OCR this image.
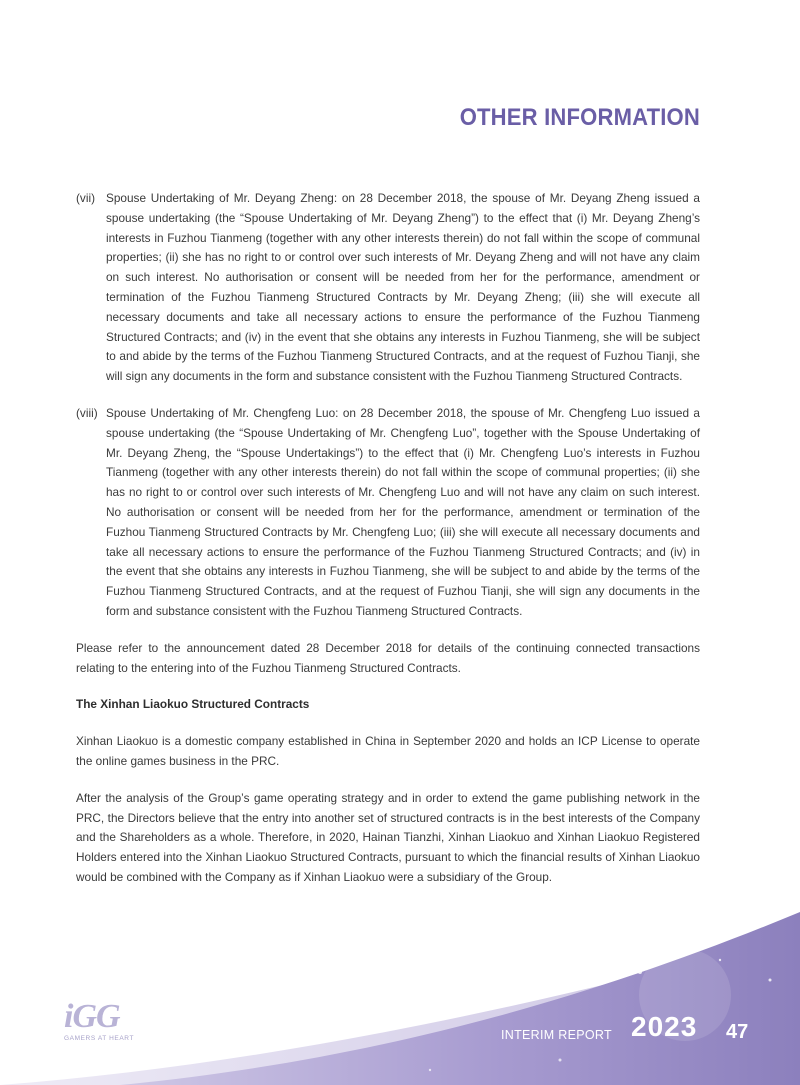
OTHER INFORMATION
(vii) Spouse Undertaking of Mr. Deyang Zheng: on 28 December 2018, the spouse of Mr. Deyang Zheng issued a spouse undertaking (the “Spouse Undertaking of Mr. Deyang Zheng”) to the effect that (i) Mr. Deyang Zheng’s interests in Fuzhou Tianmeng (together with any other interests therein) do not fall within the scope of communal properties; (ii) she has no right to or control over such interests of Mr. Deyang Zheng and will not have any claim on such interest. No authorisation or consent will be needed from her for the performance, amendment or termination of the Fuzhou Tianmeng Structured Contracts by Mr. Deyang Zheng; (iii) she will execute all necessary documents and take all necessary actions to ensure the performance of the Fuzhou Tianmeng Structured Contracts; and (iv) in the event that she obtains any interests in Fuzhou Tianmeng, she will be subject to and abide by the terms of the Fuzhou Tianmeng Structured Contracts, and at the request of Fuzhou Tianji, she will sign any documents in the form and substance consistent with the Fuzhou Tianmeng Structured Contracts.
(viii) Spouse Undertaking of Mr. Chengfeng Luo: on 28 December 2018, the spouse of Mr. Chengfeng Luo issued a spouse undertaking (the “Spouse Undertaking of Mr. Chengfeng Luo”, together with the Spouse Undertaking of Mr. Deyang Zheng, the “Spouse Undertakings”) to the effect that (i) Mr. Chengfeng Luo’s interests in Fuzhou Tianmeng (together with any other interests therein) do not fall within the scope of communal properties; (ii) she has no right to or control over such interests of Mr. Chengfeng Luo and will not have any claim on such interest. No authorisation or consent will be needed from her for the performance, amendment or termination of the Fuzhou Tianmeng Structured Contracts by Mr. Chengfeng Luo; (iii) she will execute all necessary documents and take all necessary actions to ensure the performance of the Fuzhou Tianmeng Structured Contracts; and (iv) in the event that she obtains any interests in Fuzhou Tianmeng, she will be subject to and abide by the terms of the Fuzhou Tianmeng Structured Contracts, and at the request of Fuzhou Tianji, she will sign any documents in the form and substance consistent with the Fuzhou Tianmeng Structured Contracts.

Please refer to the announcement dated 28 December 2018 for details of the continuing connected transactions relating to the entering into of the Fuzhou Tianmeng Structured Contracts.

The Xinhan Liaokuo Structured Contracts

Xinhan Liaokuo is a domestic company established in China in September 2020 and holds an ICP License to operate the online games business in the PRC.

After the analysis of the Group’s game operating strategy and in order to extend the game publishing network in the PRC, the Directors believe that the entry into another set of structured contracts is in the best interests of the Company and the Shareholders as a whole. Therefore, in 2020, Hainan Tianzhi, Xinhan Liaokuo and Xinhan Liaokuo Registered Holders entered into the Xinhan Liaokuo Structured Contracts, pursuant to which the financial results of Xinhan Liaokuo would be combined with the Company as if Xinhan Liaokuo were a subsidiary of the Group.

iGG
GAMERS AT HEART	INTERIM REPORT 2023 47
